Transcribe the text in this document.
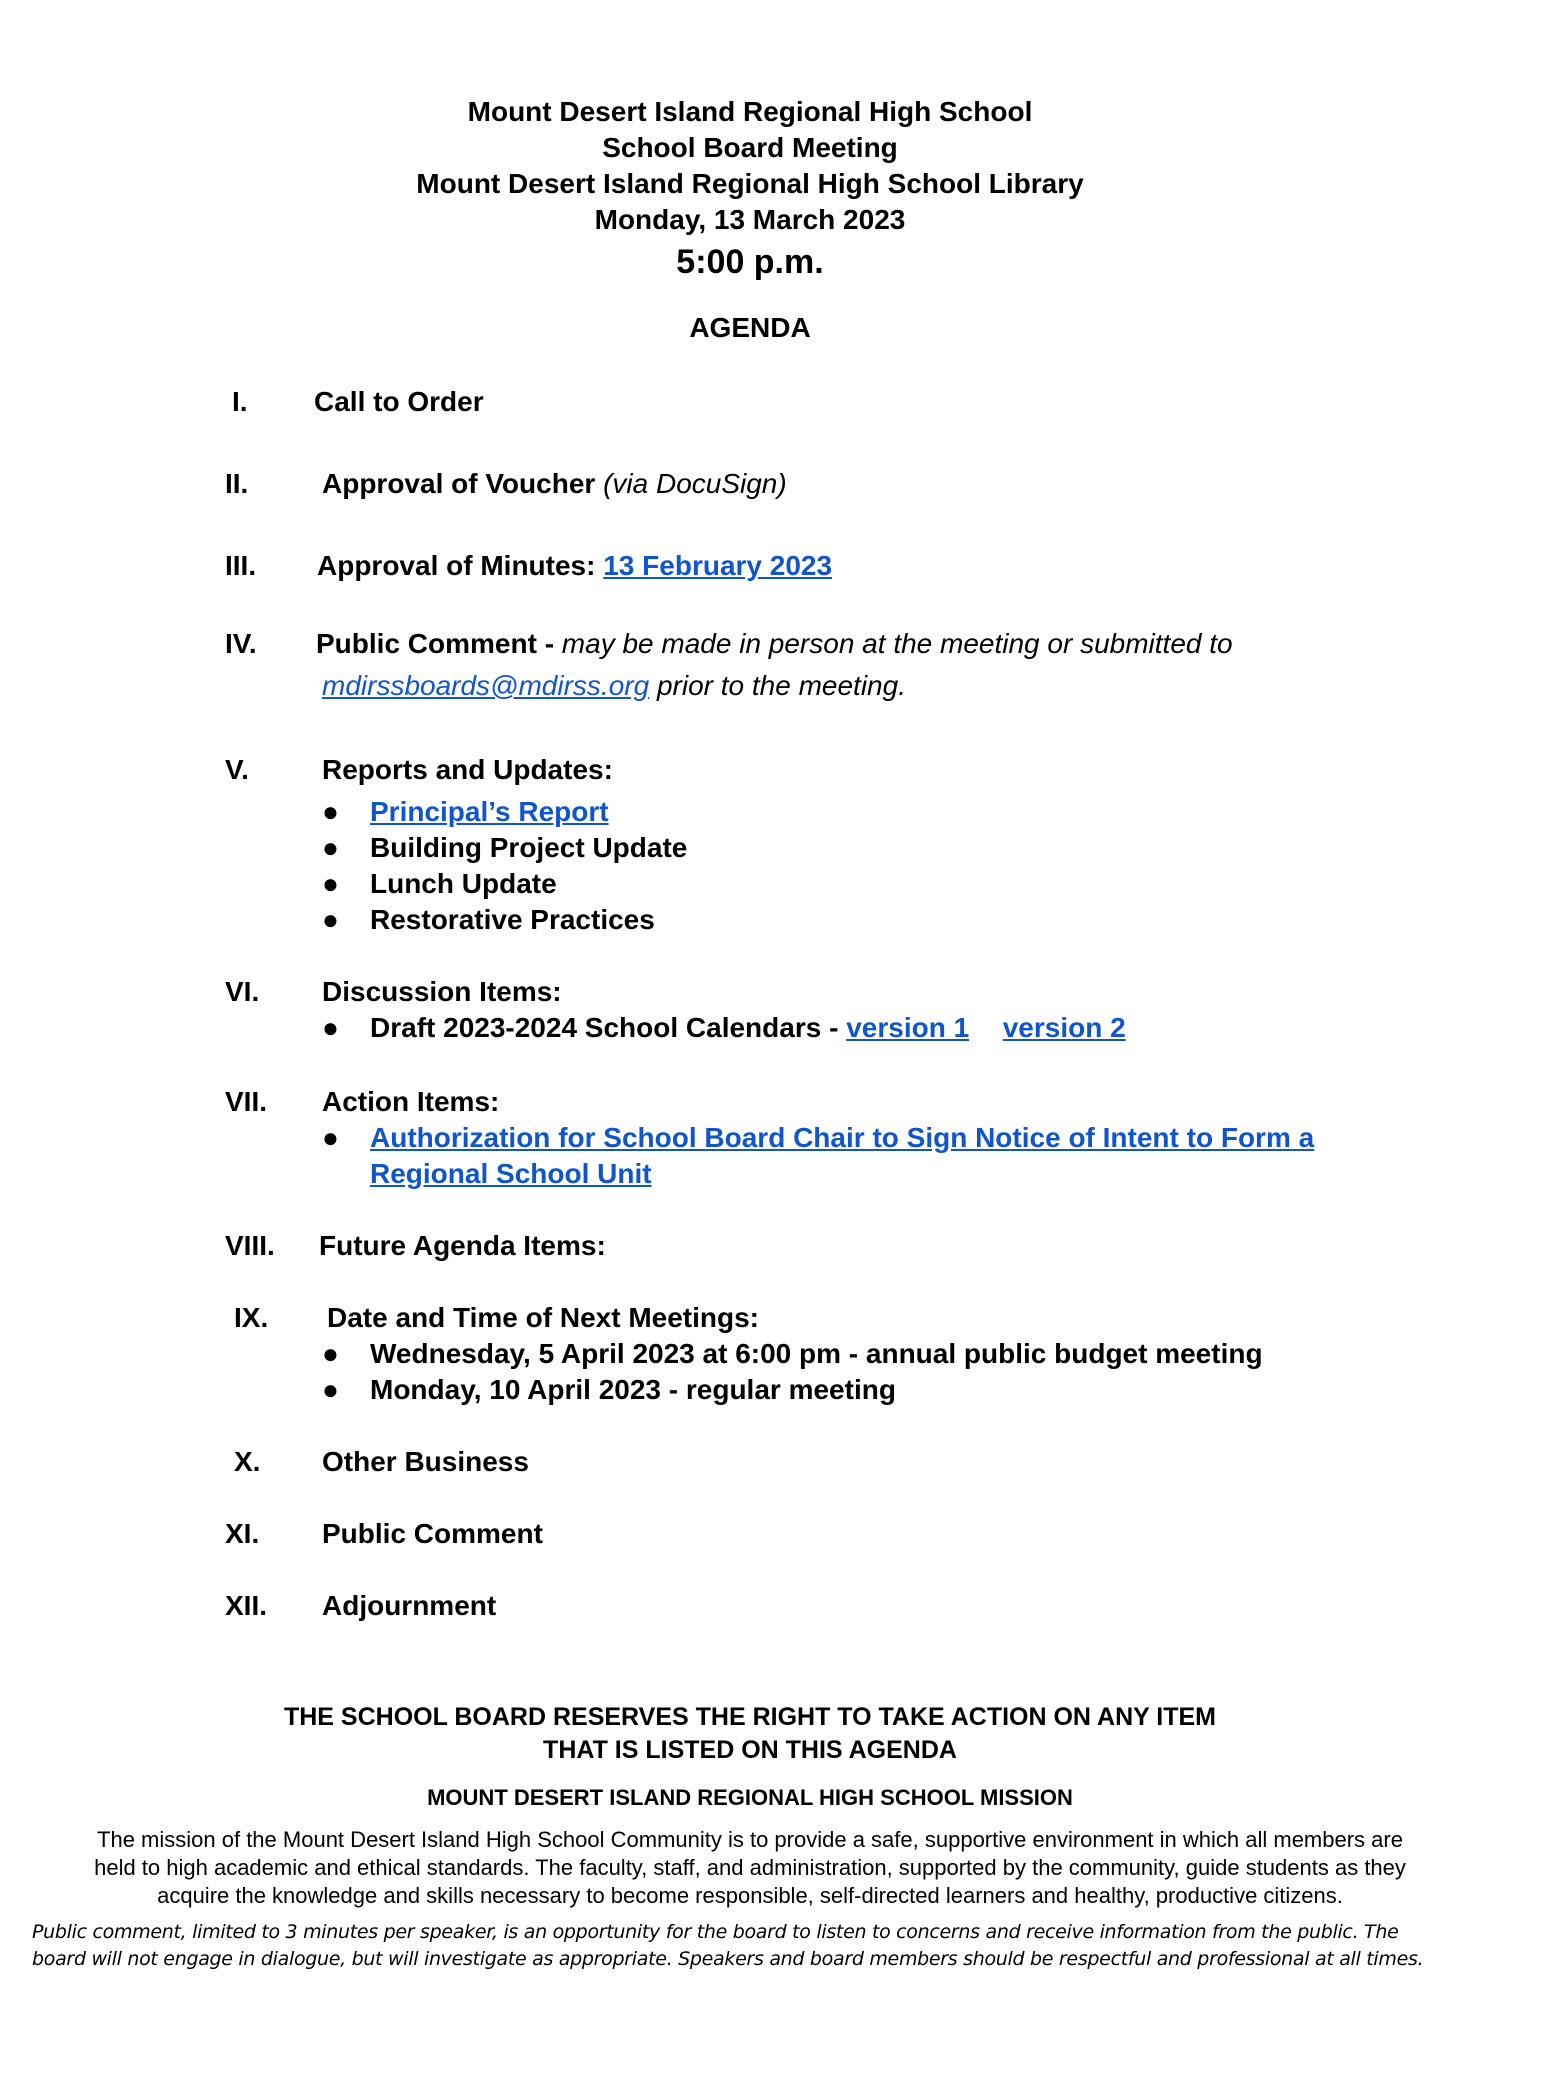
Mount Desert Island Regional High School
School Board Meeting
Mount Desert Island Regional High School Library
Monday, 13 March 2023
5:00 p.m.
AGENDA
I. Call to Order
II.	Approval of Voucher (via DocuSign)
III. Approval of Minutes: 13 February 2023
IV. Public Comment - may be made in person at the meeting or submitted to
mdirssboards@mdirss.org prior to the meeting.
V.	Reports and Updates:
● Principal’s Report
● Building Project Update
● Lunch Update
● Restorative Practices
VI. Discussion Items:
● Draft 2023-2024 School Calendars - version 1 version 2
VII. Action Items:
● Authorization for School Board Chair to Sign Notice of Intent to Form a
Regional School Unit
VIII. Future Agenda Items:
IX. Date and Time of Next Meetings:
● Wednesday, 5 April 2023 at 6:00 pm - annual public budget meeting
● Monday, 10 April 2023 - regular meeting
X. Other Business
XI. Public Comment
XII. Adjournment
THE SCHOOL BOARD RESERVES THE RIGHT TO TAKE ACTION ON ANY ITEM
THAT IS LISTED ON THIS AGENDA
MOUNT DESERT ISLAND REGIONAL HIGH SCHOOL MISSION
The mission of the Mount Desert Island High School Community is to provide a safe, supportive environment in which all members are
held to high academic and ethical standards. The faculty, staff, and administration, supported by the community, guide students as they
acquire the knowledge and skills necessary to become responsible, self-directed learners and healthy, productive citizens.
Public comment, limited to 3 minutes per speaker, is an opportunity for the board to listen to concerns and receive information from the public. The
board will not engage in dialogue, but will investigate as appropriate. Speakers and board members should be respectful and professional at all times.
